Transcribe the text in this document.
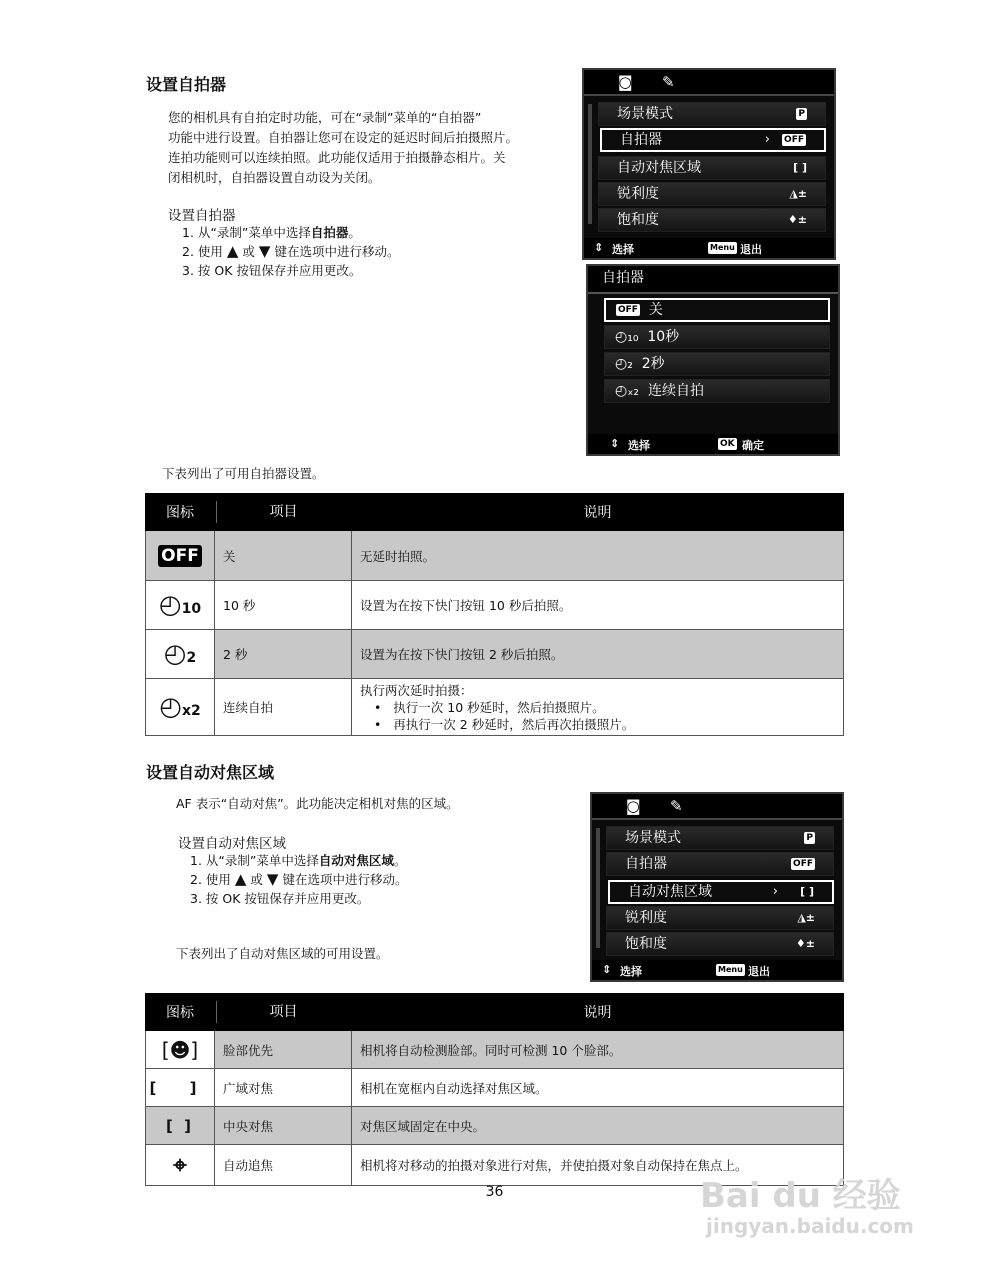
设置自拍器
您的相机具有自拍定时功能，可在“录制”菜单的“自拍器”
功能中进行设置。自拍器让您可在设定的延迟时间后拍摄照片。
连拍功能则可以连续拍照。此功能仅适用于拍摄静态相片。关
闭相机时，自拍器设置自动设为关闭。
设置自拍器
1. 从“录制”菜单中选择自拍器。
2. 使用 ▲ 或 ▼ 键在选项中进行移动。
3. 按 OK 按钮保存并应用更改。
◙ ✎
场景模式	P
自拍器	› OFF
自动对焦区域	[ ]
锐利度	◮±
饱和度	♦±
⇕ 选择	Menu 退出
自拍器
OFF 关
◴₁₀ 10秒
◴₂ 2秒
◴ₓ₂ 连续自拍
⇕ 选择	OK 确定
下表列出了可用自拍器设置。
图标	项目	说明
OFF	关	无延时拍照。
◴10	10 秒	设置为在按下快门按钮 10 秒后拍照。
◴2	2 秒	设置为在按下快门按钮 2 秒后拍照。
◴x2	连续自拍	执行两次延时拍摄：
•   执行一次 10 秒延时，然后拍摄照片。
•   再执行一次 2 秒延时，然后再次拍摄照片。
设置自动对焦区域
AF 表示“自动对焦”。此功能决定相机对焦的区域。
设置自动对焦区域
1. 从“录制”菜单中选择自动对焦区域。
2. 使用 ▲ 或 ▼ 键在选项中进行移动。
3. 按 OK 按钮保存并应用更改。
下表列出了自动对焦区域的可用设置。
◙ ✎
场景模式	P
自拍器	OFF
自动对焦区域	› [ ]
锐利度	◮±
饱和度	♦±
⇕ 选择	Menu 退出
图标	项目	说明
[☻]	脸部优先	相机将自动检测脸部。同时可检测 10 个脸部。
[ ]	广域对焦	相机在宽框内自动选择对焦区域。
[ ]	中央对焦	对焦区域固定在中央。
⌖	自动追焦	相机将对移动的拍摄对象进行对焦，并使拍摄对象自动保持在焦点上。
36	Bai du 经验
jingyan.baidu.com
